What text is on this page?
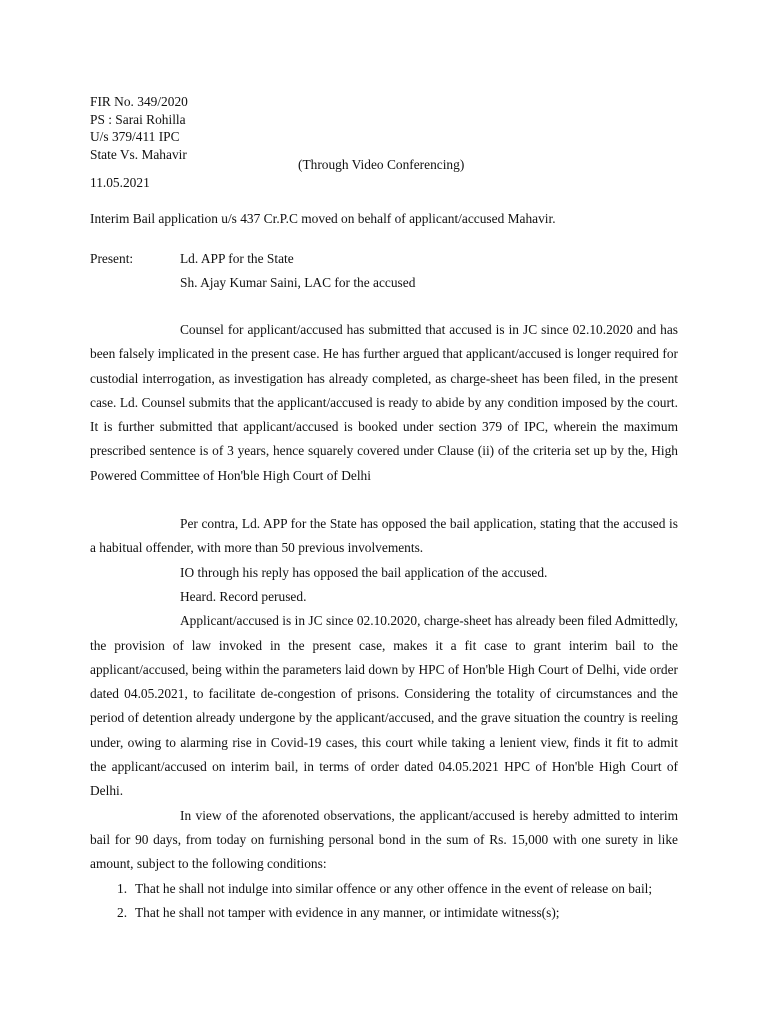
FIR No. 349/2020
PS : Sarai Rohilla
U/s 379/411 IPC
State Vs. Mahavir
(Through Video Conferencing)
11.05.2021
Interim Bail application u/s 437 Cr.P.C moved on behalf of applicant/accused Mahavir.
Present:	Ld. APP for the State
Sh. Ajay Kumar Saini, LAC for the accused

Counsel for applicant/accused has submitted that accused is in JC since 02.10.2020 and has been falsely implicated in the present case. He has further argued that applicant/accused is longer required for custodial interrogation, as investigation has already completed, as charge-sheet has been filed, in the present case. Ld. Counsel submits that the applicant/accused is ready to abide by any condition imposed by the court. It is further submitted that applicant/accused is booked under section 379 of IPC, wherein the maximum prescribed sentence is of 3 years, hence squarely covered under Clause (ii) of the criteria set up by the, High Powered Committee of Hon'ble High Court of Delhi

Per contra, Ld. APP for the State has opposed the bail application, stating that the accused is a habitual offender, with more than 50 previous involvements.

IO through his reply has opposed the bail application of the accused.

Heard. Record perused.

Applicant/accused is in JC since 02.10.2020, charge-sheet has already been filed Admittedly, the provision of law invoked in the present case, makes it a fit case to grant interim bail to the applicant/accused, being within the parameters laid down by HPC of Hon'ble High Court of Delhi, vide order dated 04.05.2021, to facilitate de-congestion of prisons. Considering the totality of circumstances and the period of detention already undergone by the applicant/accused, and the grave situation the country is reeling under, owing to alarming rise in Covid-19 cases, this court while taking a lenient view, finds it fit to admit the applicant/accused on interim bail, in terms of order dated 04.05.2021 HPC of Hon'ble High Court of Delhi.

In view of the aforenoted observations, the applicant/accused is hereby admitted to interim bail for 90 days, from today on furnishing personal bond in the sum of Rs. 15,000 with one surety in like amount, subject to the following conditions:

1. That he shall not indulge into similar offence or any other offence in the event of release on bail;
2. That he shall not tamper with evidence in any manner, or intimidate witness(s);
